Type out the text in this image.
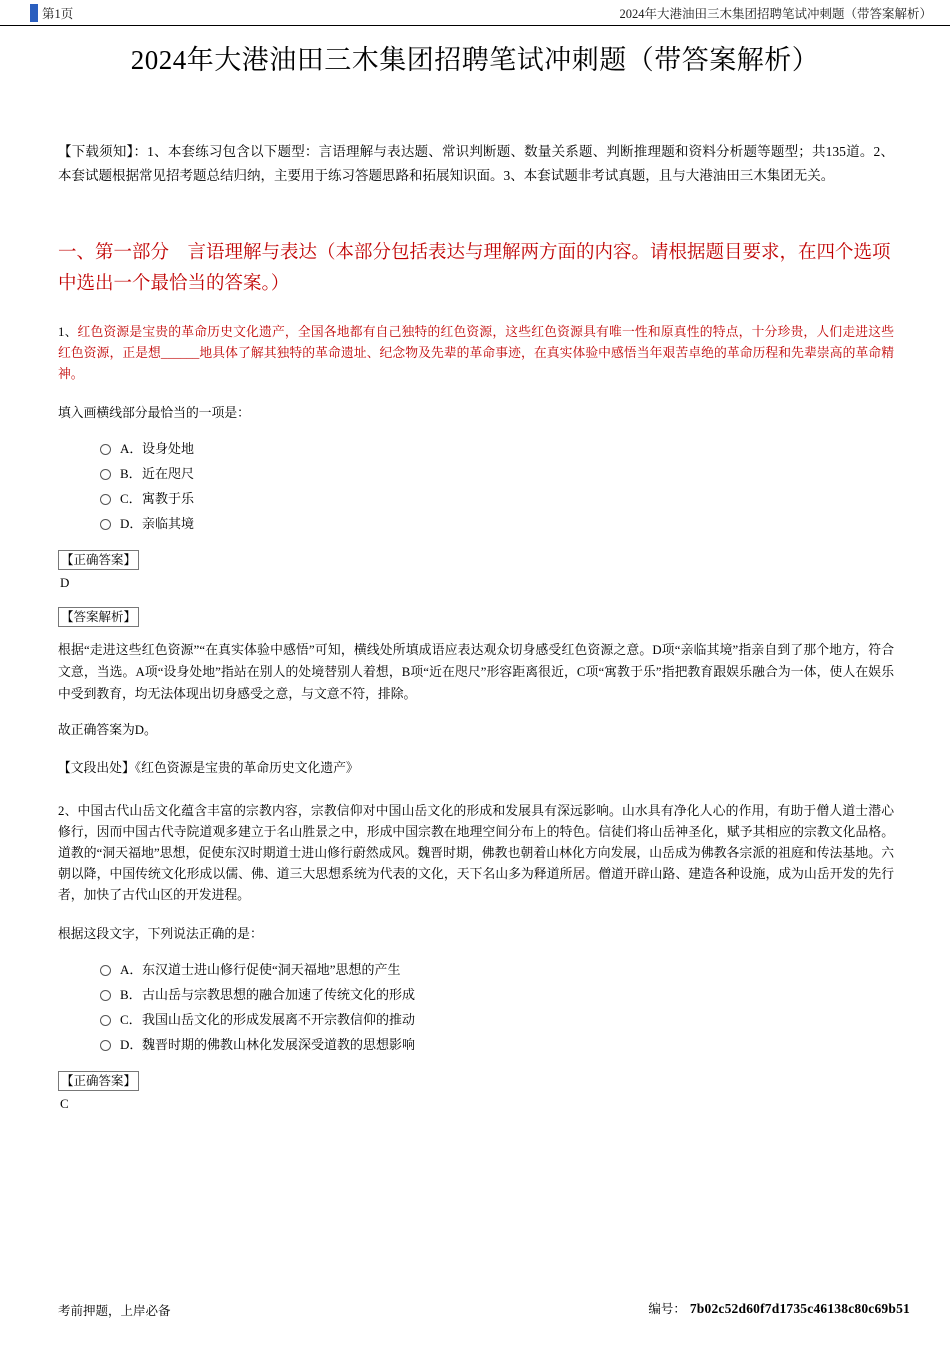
第1页	2024年大港油田三木集团招聘笔试冲刺题（带答案解析）
2024年大港油田三木集团招聘笔试冲刺题（带答案解析）
【下载须知】：1、本套练习包含以下题型：言语理解与表达题、常识判断题、数量关系题、判断推理题和资料分析题等题型；共135道。2、本套试题根据常见招考题总结归纳，主要用于练习答题思路和拓展知识面。3、本套试题非考试真题，且与大港油田三木集团无关。
一、第一部分　言语理解与表达（本部分包括表达与理解两方面的内容。请根据题目要求，在四个选项中选出一个最恰当的答案。）
1、红色资源是宝贵的革命历史文化遗产，全国各地都有自己独特的红色资源，这些红色资源具有唯一性和原真性的特点，十分珍贵，人们走进这些红色资源，正是想______地具体了解其独特的革命遗址、纪念物及先辈的革命事迹，在真实体验中感悟当年艰苦卓绝的革命历程和先辈崇高的革命精神。
填入画横线部分最恰当的一项是：
A． 设身处地
B． 近在咫尺
C． 寓教于乐
D． 亲临其境
【正确答案】
D
【答案解析】
根据“走进这些红色资源”“在真实体验中感悟”可知，横线处所填成语应表达观众切身感受红色资源之意。D项“亲临其境”指亲自到了那个地方，符合文意，当选。A项“设身处地”指站在别人的处境替别人着想，B项“近在咫尺”形容距离很近，C项“寓教于乐”指把教育跟娱乐融合为一体，使人在娱乐中受到教育，均无法体现出切身感受之意，与文意不符，排除。
故正确答案为D。
【文段出处】《红色资源是宝贵的革命历史文化遗产》
2、中国古代山岳文化蕴含丰富的宗教内容，宗教信仰对中国山岳文化的形成和发展具有深远影响。山水具有净化人心的作用，有助于僧人道士潜心修行，因而中国古代寺院道观多建立于名山胜景之中，形成中国宗教在地理空间分布上的特色。信徒们将山岳神圣化，赋予其相应的宗教文化品格。道教的“洞天福地”思想，促使东汉时期道士进山修行蔚然成风。魏晋时期，佛教也朝着山林化方向发展，山岳成为佛教各宗派的祖庭和传法基地。六朝以降，中国传统文化形成以儒、佛、道三大思想系统为代表的文化，天下名山多为释道所居。僧道开辟山路、建造各种设施，成为山岳开发的先行者，加快了古代山区的开发进程。
根据这段文字，下列说法正确的是：
A． 东汉道士进山修行促使“洞天福地”思想的产生
B． 古山岳与宗教思想的融合加速了传统文化的形成
C． 我国山岳文化的形成发展离不开宗教信仰的推动
D． 魏晋时期的佛教山林化发展深受道教的思想影响
【正确答案】
C
考前押题，上岸必备	编号： 7b02c52d60f7d1735c46138c80c69b51
